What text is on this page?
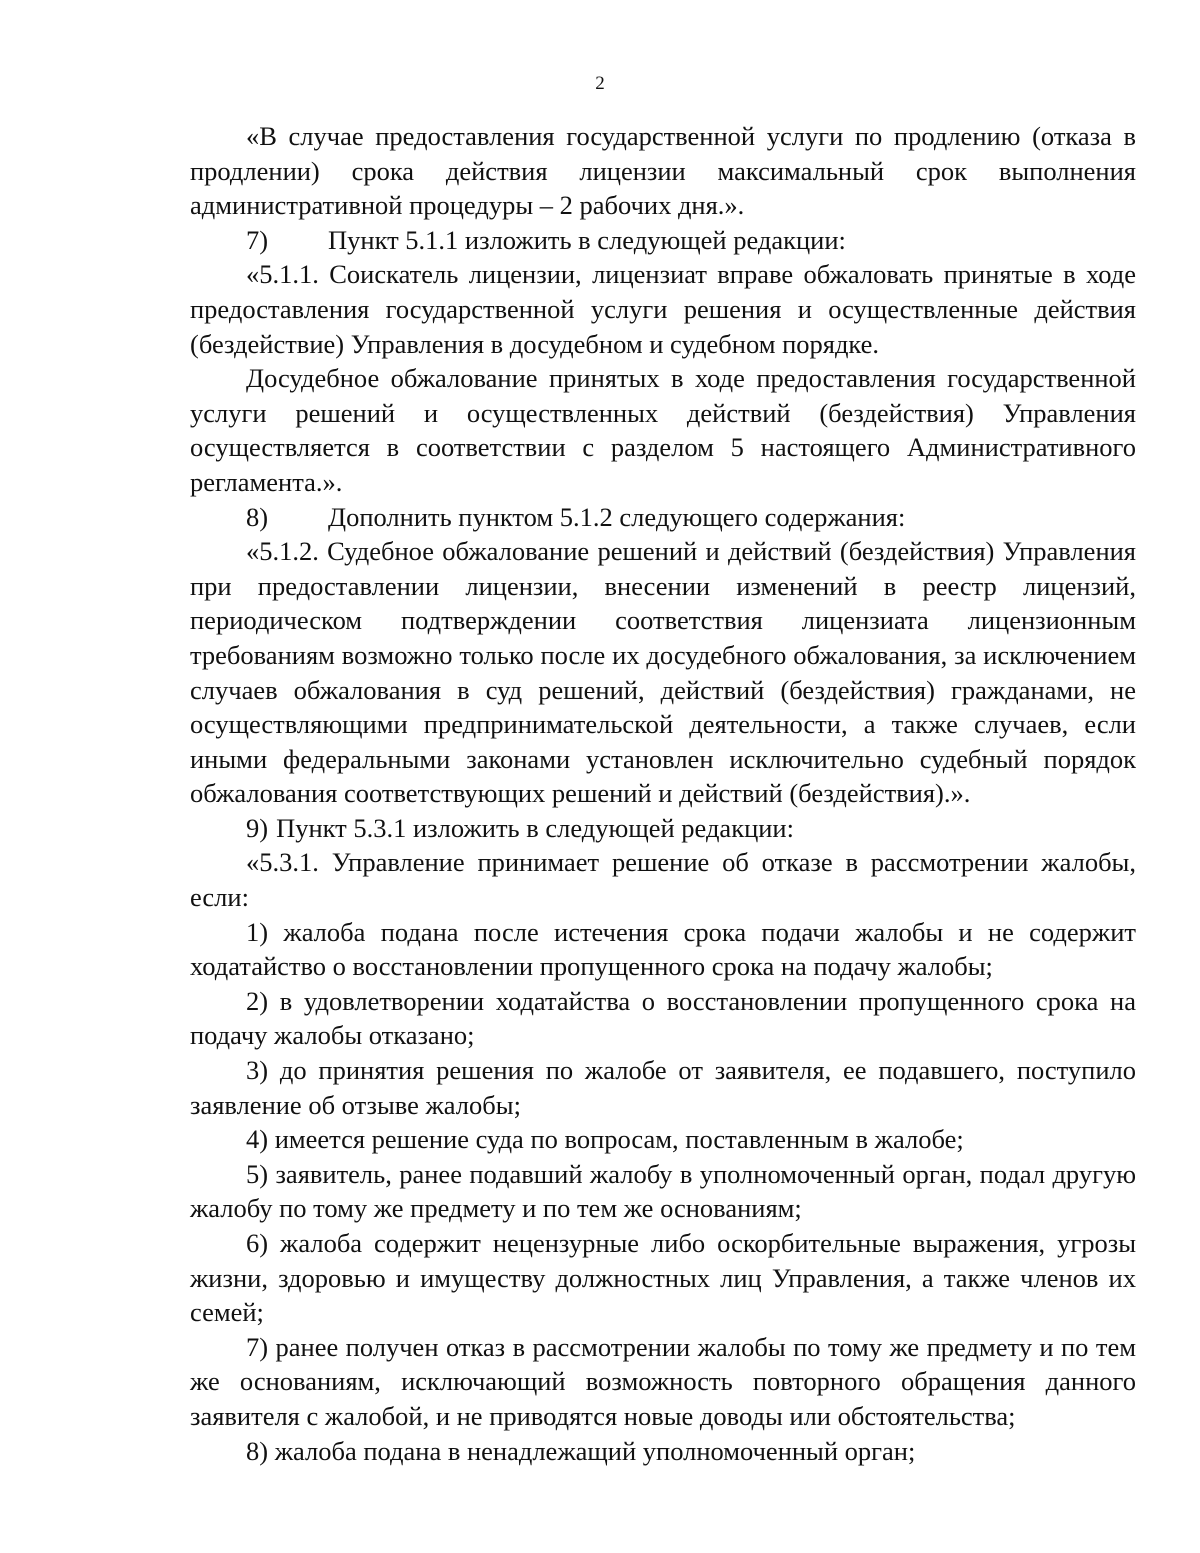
2

«В случае предоставления государственной услуги по продлению (отказа в продлении) срока действия лицензии максимальный срок выполнения административной процедуры – 2 рабочих дня.».

7) Пункт 5.1.1 изложить в следующей редакции:

«5.1.1. Соискатель лицензии, лицензиат вправе обжаловать принятые в ходе предоставления государственной услуги решения и осуществленные действия (бездействие) Управления в досудебном и судебном порядке.

Досудебное обжалование принятых в ходе предоставления государственной услуги решений и осуществленных действий (бездействия) Управления осуществляется в соответствии с разделом 5 настоящего Административного регламента.».

8) Дополнить пунктом 5.1.2 следующего содержания:

«5.1.2. Судебное обжалование решений и действий (бездействия) Управления при предоставлении лицензии, внесении изменений в реестр лицензий, периодическом подтверждении соответствия лицензиата лицензионным требованиям возможно только после их досудебного обжалования, за исключением случаев обжалования в суд решений, действий (бездействия) гражданами, не осуществляющими предпринимательской деятельности, а также случаев, если иными федеральными законами установлен исключительно судебный порядок обжалования соответствующих решений и действий (бездействия).».

9) Пункт 5.3.1 изложить в следующей редакции:

«5.3.1. Управление принимает решение об отказе в рассмотрении жалобы, если:

1) жалоба подана после истечения срока подачи жалобы и не содержит ходатайство о восстановлении пропущенного срока на подачу жалобы;

2) в удовлетворении ходатайства о восстановлении пропущенного срока на подачу жалобы отказано;

3) до принятия решения по жалобе от заявителя, ее подавшего, поступило заявление об отзыве жалобы;

4) имеется решение суда по вопросам, поставленным в жалобе;

5) заявитель, ранее подавший жалобу в уполномоченный орган, подал другую жалобу по тому же предмету и по тем же основаниям;

6) жалоба содержит нецензурные либо оскорбительные выражения, угрозы жизни, здоровью и имуществу должностных лиц Управления, а также членов их семей;

7) ранее получен отказ в рассмотрении жалобы по тому же предмету и по тем же основаниям, исключающий возможность повторного обращения данного заявителя с жалобой, и не приводятся новые доводы или обстоятельства;

8) жалоба подана в ненадлежащий уполномоченный орган;
